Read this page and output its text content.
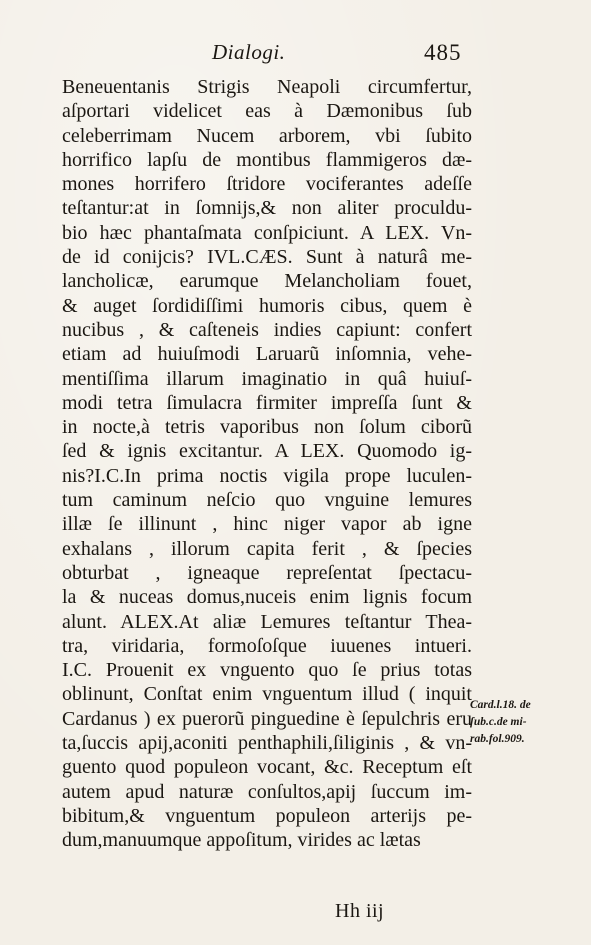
Dialogi.	485
Beneuentanis Strigis Neapoli circumfertur,
aſportari videlicet eas à Dæmonibus ſub
celeberrimam Nucem arborem, vbi ſubito
horrifico lapſu de montibus flammigeros dæ-
mones horrifero ſtridore vociferantes adeſſe
teſtantur:at in ſomnijs,& non aliter proculdu-
bio hæc phantaſmata conſpiciunt. A LEX. Vn-
de id conijcis? IVL.CÆS. Sunt à naturâ me-
lancholicæ, earumque Melancholiam fouet,
& auget ſordidiſſimi humoris cibus, quem è
nucibus , & caſteneis indies capiunt: confert
etiam ad huiuſmodi Laruarũ inſomnia, vehe-
mentiſſima illarum imaginatio in quâ huiuſ-
modi tetra ſimulacra firmiter impreſſa ſunt &
in nocte,à tetris vaporibus non ſolum ciborũ
ſed & ignis excitantur. A LEX. Quomodo ig-
nis?I.C.In prima noctis vigila prope luculen-
tum caminum neſcio quo vnguine lemures
illæ ſe illinunt , hinc niger vapor ab igne
exhalans , illorum capita ferit , & ſpecies
obturbat , igneaque repreſentat ſpectacu-
la & nuceas domus,nuceis enim lignis focum
alunt. ALEX.At aliæ Lemures teſtantur Thea-
tra, viridaria, formoſoſque iuuenes intueri.
I.C. Prouenit ex vnguento quo ſe prius totas
oblinunt, Conſtat enim vnguentum illud ( inquit
Cardanus ) ex puerorũ pinguedine è ſepulchris eru
ta,ſuccis apij,aconiti penthaphili,ſiliginis , & vn-
guento quod populeon vocant, &c. Receptum eſt
autem apud naturæ conſultos,apij ſuccum im-
bibitum,& vnguentum populeon arterijs pe-
dum,manuumque appoſitum, virides ac lætas
Card.l.18. de
ſub.c.de mi-
rab.fol.909.
Hh iij
